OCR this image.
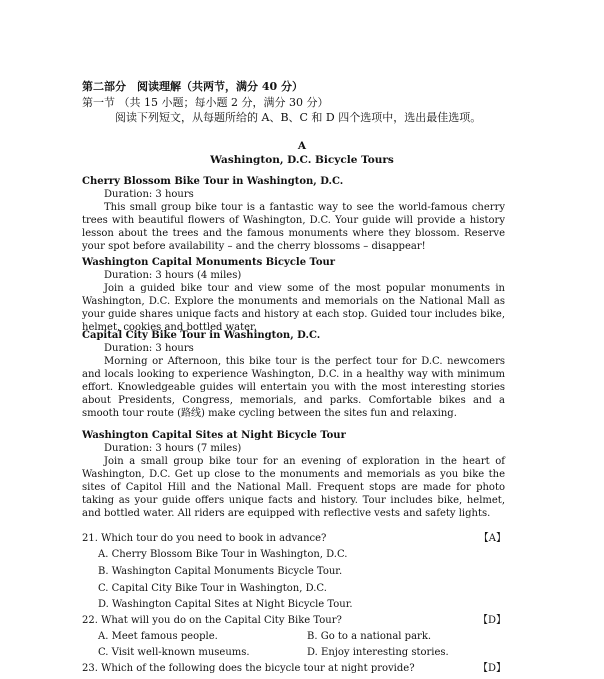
第二部分　阅读理解（共两节，满分 40 分）
第一节 （共 15 小题；每小题 2 分，满分 30 分）
阅读下列短文，从每题所给的 A、B、C 和 D 四个选项中，选出最佳选项。
A
Washington, D.C. Bicycle Tours
Cherry Blossom Bike Tour in Washington, D.C.
Duration: 3 hours

This small group bike tour is a fantastic way to see the world-famous cherry trees with beautiful flowers of Washington, D.C. Your guide will provide a history lesson about the trees and the famous monuments where they blossom. Reserve your spot before availability – and the cherry blossoms – disappear!

Washington Capital Monuments Bicycle Tour
Duration: 3 hours (4 miles)

Join a guided bike tour and view some of the most popular monuments in Washington, D.C. Explore the monuments and memorials on the National Mall as your guide shares unique facts and history at each stop. Guided tour includes bike, helmet, cookies and bottled water.

Capital City Bike Tour in Washington, D.C.
Duration: 3 hours

Morning or Afternoon, this bike tour is the perfect tour for D.C. newcomers and locals looking to experience Washington, D.C. in a healthy way with minimum effort. Knowledgeable guides will entertain you with the most interesting stories about Presidents, Congress, memorials, and parks. Comfortable bikes and a smooth tour route (路线) make cycling between the sites fun and relaxing.

Washington Capital Sites at Night Bicycle Tour
Duration: 3 hours (7 miles)

Join a small group bike tour for an evening of exploration in the heart of Washington, D.C. Get up close to the monuments and memorials as you bike the sites of Capitol Hill and the National Mall. Frequent stops are made for photo taking as your guide offers unique facts and history. Tour includes bike, helmet, and bottled water. All riders are equipped with reflective vests and safety lights.

21. Which tour do you need to book in advance?	【A】
A. Cherry Blossom Bike Tour in Washington, D.C.
B. Washington Capital Monuments Bicycle Tour.
C. Capital City Bike Tour in Washington, D.C.
D. Washington Capital Sites at Night Bicycle Tour.
22. What will you do on the Capital City Bike Tour?	【D】
A. Meet famous people.	B. Go to a national park.
C. Visit well-known museums.	D. Enjoy interesting stories.
23. Which of the following does the bicycle tour at night provide?	【D】
